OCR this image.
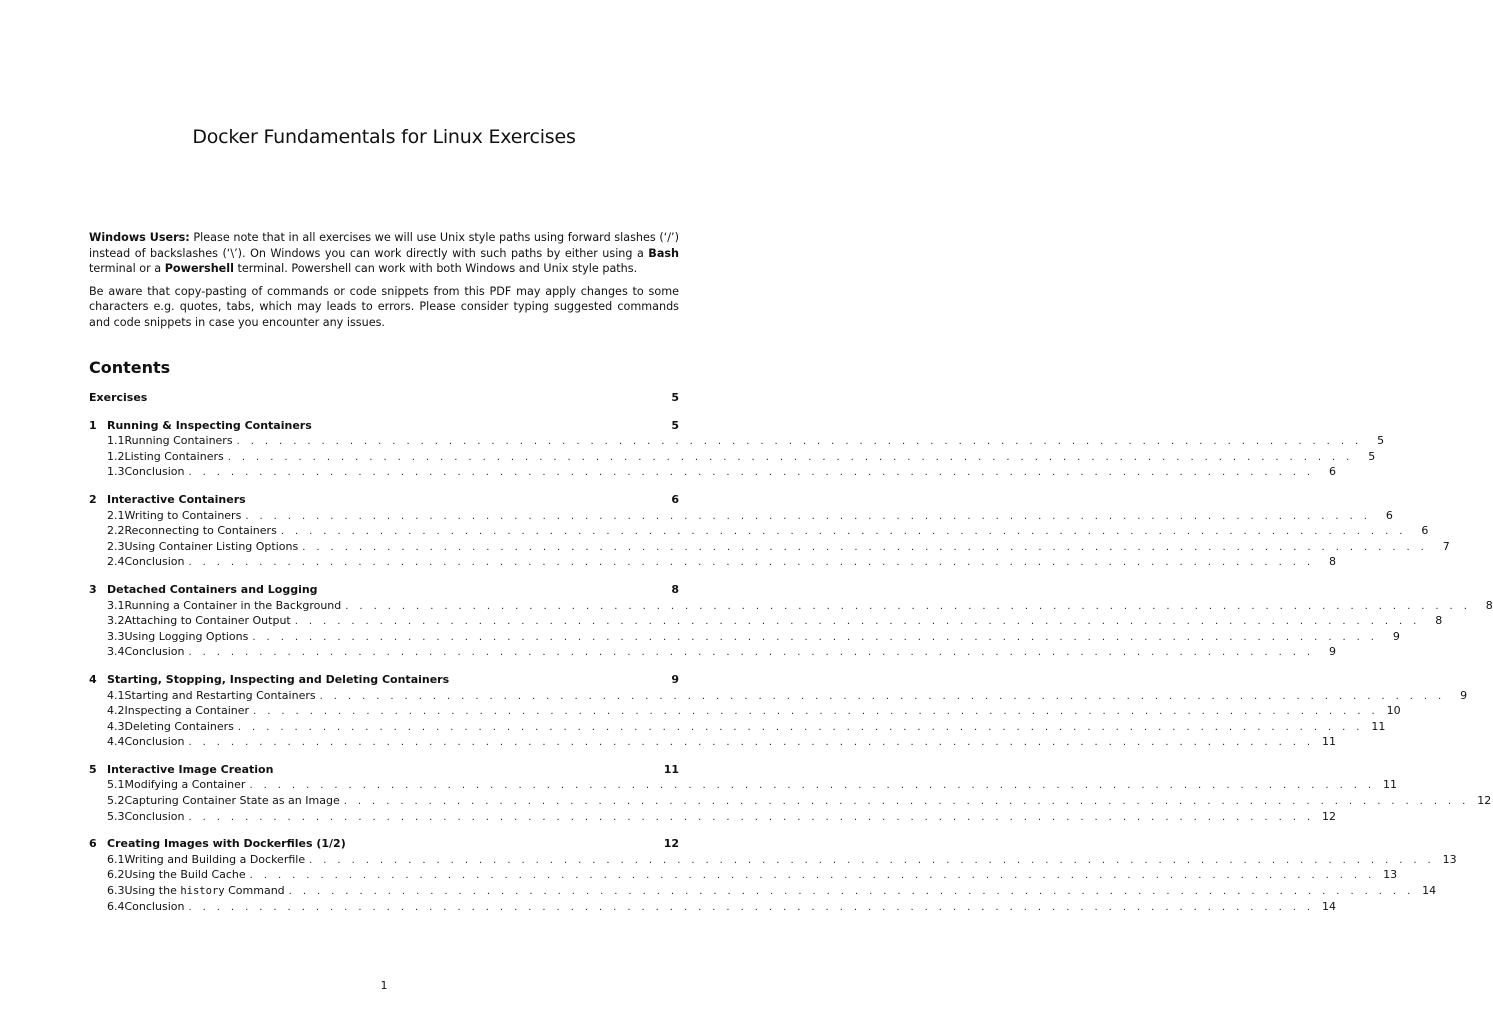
Docker Fundamentals for Linux Exercises

Windows Users: Please note that in all exercises we will use Unix style paths using forward slashes (‘/’) instead of backslashes (‘\’). On Windows you can work directly with such paths by either using a Bash terminal or a Powershell terminal. Powershell can work with both Windows and Unix style paths.

Be aware that copy-pasting of commands or code snippets from this PDF may apply changes to some characters e.g. quotes, tabs, which may leads to errors. Please consider typing suggested commands and code snippets in case you encounter any issues.

Contents
Exercises	5
1 Running & Inspecting Containers	5
1.1 Running Containers . . . . . . . . . . . . . . . . . . . . . . . . . . . . . . . . . . . . . . . . . . . . . . . . . . . . . . . . . . . . . . . . . . . . . . . . . . . . . . . .	5
1.2 Listing Containers . . . . . . . . . . . . . . . . . . . . . . . . . . . . . . . . . . . . . . . . . . . . . . . . . . . . . . . . . . . . . . . . . . . . . . . . . . . . . . . .	5
1.3 Conclusion . . . . . . . . . . . . . . . . . . . . . . . . . . . . . . . . . . . . . . . . . . . . . . . . . . . . . . . . . . . . . . . . . . . . . . . . . . . . . . . .	6
2 Interactive Containers	6
2.1 Writing to Containers . . . . . . . . . . . . . . . . . . . . . . . . . . . . . . . . . . . . . . . . . . . . . . . . . . . . . . . . . . . . . . . . . . . . . . . . . . . . . . . .	6
2.2 Reconnecting to Containers . . . . . . . . . . . . . . . . . . . . . . . . . . . . . . . . . . . . . . . . . . . . . . . . . . . . . . . . . . . . . . . . . . . . . . . . . . . . . . . .	6
2.3 Using Container Listing Options . . . . . . . . . . . . . . . . . . . . . . . . . . . . . . . . . . . . . . . . . . . . . . . . . . . . . . . . . . . . . . . . . . . . . . . . . . . . . . . .	7
2.4 Conclusion . . . . . . . . . . . . . . . . . . . . . . . . . . . . . . . . . . . . . . . . . . . . . . . . . . . . . . . . . . . . . . . . . . . . . . . . . . . . . . . .	8
3 Detached Containers and Logging	8
3.1 Running a Container in the Background . . . . . . . . . . . . . . . . . . . . . . . . . . . . . . . . . . . . . . . . . . . . . . . . . . . . . . . . . . . . . . . . . . . . . . . . . . . . . . . .	8
3.2 Attaching to Container Output . . . . . . . . . . . . . . . . . . . . . . . . . . . . . . . . . . . . . . . . . . . . . . . . . . . . . . . . . . . . . . . . . . . . . . . . . . . . . . . .	8
3.3 Using Logging Options . . . . . . . . . . . . . . . . . . . . . . . . . . . . . . . . . . . . . . . . . . . . . . . . . . . . . . . . . . . . . . . . . . . . . . . . . . . . . . . .	9
3.4 Conclusion . . . . . . . . . . . . . . . . . . . . . . . . . . . . . . . . . . . . . . . . . . . . . . . . . . . . . . . . . . . . . . . . . . . . . . . . . . . . . . . .	9
4 Starting, Stopping, Inspecting and Deleting Containers	9
4.1 Starting and Restarting Containers . . . . . . . . . . . . . . . . . . . . . . . . . . . . . . . . . . . . . . . . . . . . . . . . . . . . . . . . . . . . . . . . . . . . . . . . . . . . . . . .	9
4.2 Inspecting a Container . . . . . . . . . . . . . . . . . . . . . . . . . . . . . . . . . . . . . . . . . . . . . . . . . . . . . . . . . . . . . . . . . . . . . . . . . . . . . . . . 10
4.3 Deleting Containers . . . . . . . . . . . . . . . . . . . . . . . . . . . . . . . . . . . . . . . . . . . . . . . . . . . . . . . . . . . . . . . . . . . . . . . . . . . . . . . . 11
4.4 Conclusion . . . . . . . . . . . . . . . . . . . . . . . . . . . . . . . . . . . . . . . . . . . . . . . . . . . . . . . . . . . . . . . . . . . . . . . . . . . . . . . . 11
5 Interactive Image Creation	11
5.1 Modifying a Container . . . . . . . . . . . . . . . . . . . . . . . . . . . . . . . . . . . . . . . . . . . . . . . . . . . . . . . . . . . . . . . . . . . . . . . . . . . . . . . . 11
5.2 Capturing Container State as an Image . . . . . . . . . . . . . . . . . . . . . . . . . . . . . . . . . . . . . . . . . . . . . . . . . . . . . . . . . . . . . . . . . . . . . . . . . . . . . . . . 12
5.3 Conclusion . . . . . . . . . . . . . . . . . . . . . . . . . . . . . . . . . . . . . . . . . . . . . . . . . . . . . . . . . . . . . . . . . . . . . . . . . . . . . . . . 12
6 Creating Images with Dockerfiles (1/2)	12
6.1 Writing and Building a Dockerfile . . . . . . . . . . . . . . . . . . . . . . . . . . . . . . . . . . . . . . . . . . . . . . . . . . . . . . . . . . . . . . . . . . . . . . . . . . . . . . . . 13
6.2 Using the Build Cache . . . . . . . . . . . . . . . . . . . . . . . . . . . . . . . . . . . . . . . . . . . . . . . . . . . . . . . . . . . . . . . . . . . . . . . . . . . . . . . . 13
6.3 Using the history Command . . . . . . . . . . . . . . . . . . . . . . . . . . . . . . . . . . . . . . . . . . . . . . . . . . . . . . . . . . . . . . . . . . . . . . . . . . . . . . . . 14
6.4 Conclusion . . . . . . . . . . . . . . . . . . . . . . . . . . . . . . . . . . . . . . . . . . . . . . . . . . . . . . . . . . . . . . . . . . . . . . . . . . . . . . . . 14
1
